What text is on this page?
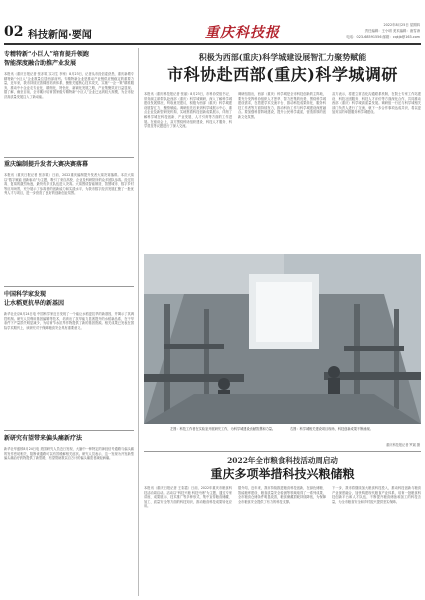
02 科技新闻·要闻	重庆科技报	2022年8月25日 星期四
责任编辑：王小明 美术编辑：唐雪涛
电话：023-68591556 邮箱：cqkjb@163.com
专精特新“小巨人”培育提升领跑
智能深度融合助推产业发展
本报讯（重庆日报记者 张亦筑 实习生 李家）8月23日，记者从市经信委获悉，重庆新增专精特新“小巨人”企业数量位居西部前列。专精特新企业是推动产业链供应链稳定的重要力量，近年来，我市持续完善梯度培育体系，聚焦关键核心技术攻关，实施“一企一策”精准服务，推动中小企业走专业化、精细化、特色化、新颖化发展之路，产业集聚效应日益显现。据了解，截至目前，全市累计培育国家级专精特新“小巨人”企业已达到较大规模，为全市经济高质量发展注入了新动能。
重庆编制提升发者大赛决赛落幕
本报讯（重庆日报记者 张亦筑）日前，2022重庆编制提升发者大赛决赛落幕。本次大赛以“数字赋能 创新驱动”为主题，吸引了来自高校、企业及科研院所的众多团队参赛。经过初赛、复赛的激烈角逐，最终有多支队伍进入决赛。大赛围绕智能制造、智慧城市、数字乡村等应用场景，充分展示了参赛者的创新能力和实践水平，为我市数字经济发展汇聚了一批优秀人才与项目，进一步营造了良好的创新创业氛围。
中国科学家发现
让水稻更抗旱的新基因
新华社北京8月24日电 中国科学家近日发现了一个能让水稻更抗旱的新基因，并揭示了其调控机制。研究人员利用基因编辑等技术，培育出了抗旱能力显著提升的水稻新品系，在干旱条件下产量损失明显减少，为培育节水抗旱作物提供了新的基因资源。相关成果已发表在国际学术期刊上，该研究对于保障粮食安全具有重要意义。
新研究有望带来偏头痛新疗法
新华社华盛顿8月24日电 美国研究人员近日发现，大脑中一种特定的神经信号通路与偏头痛的发作密切相关，阻断该通路可以有效缓解相关症状。研究人员表示，这一发现为开发新型偏头痛治疗药物提供了新思路，有望帮助数以百万计的偏头痛患者减轻病痛。
积极为西部(重庆)科学城建设展智汇力聚势赋能
市科协赴西部(重庆)科学城调研
本报讯（重庆科技报记者 张丽）8月23日，市科协党组书记、常务副主席带队赴西部（重庆）科学城调研，深入了解科学城建设发展情况，听取意见建议，积极为西部（重庆）科学城建设展智汇力、聚势赋能。调研组先后来到科学城展示中心、重点企业及新型研发机构，实地察看科技创新成果展示，详细了解科学城在科技创新、产业发展、人才引育等方面的工作进展。在座谈会上，双方围绕科协组织建设、科技人才服务、科学普及等议题进行了深入交流。
调研组指出，西部（重庆）科学城是全市科技创新的主阵地，要充分发挥科协组织人才荟萃、智力密集的优势，围绕科学城建设需求，在搭建学术交流平台、推动科技成果转化、服务科技工作者等方面持续发力，推动科协工作与科学城建设深度融合。要加强科普阵地建设，提升公民科学素质，营造浓厚的创新文化氛围。
双方表示，将建立常态化沟通联系机制，在院士专家工作站建设、科技社团服务、科技人才评价等方面深化合作，共同推动西部（重庆）科学城高质量发展。调研组一行还与科学城相关部门负责人进行了交流，就下一步合作事项达成共识，将以更加务实的举措服务科学城建设。
左图：科技工作者在实验室开展研究工作，为科学城建设贡献智慧和力量。	右图：科学城相关建设项目现场，科技创新成果不断涌现。
重庆科技报记者 罗斌 摄
2022年全市粮食科技活动周启动
重庆多项举措科技兴粮储粮
本报讯（重庆日报记者 王彩霞）日前，2022年重庆市粮食科技活动周启动。活动以“科技兴粮 科技兴储”为主题，通过专家讲座、成果展示、技术推广等多种形式，集中宣传粮食储藏、加工、质量安全等方面的科技知识，推动粮食科技成果转化应用。
据介绍，近年来，我市持续推进粮食科技创新，在绿色储粮、智能粮库建设、粮食质量安全检测等领域取得了一系列成果，全市粮食仓储条件明显改善，粮食储藏损耗持续降低，为保障全市粮食安全提供了有力的科技支撑。
下一步，我市将继续加大粮食科技投入，推动科技创新与粮食产业深度融合，加快构建现代粮食产业体系，培育一批粮食科技创新平台和人才队伍，不断提升粮食储备和加工的科技含量，为全市粮食安全和乡村振兴提供坚实保障。
